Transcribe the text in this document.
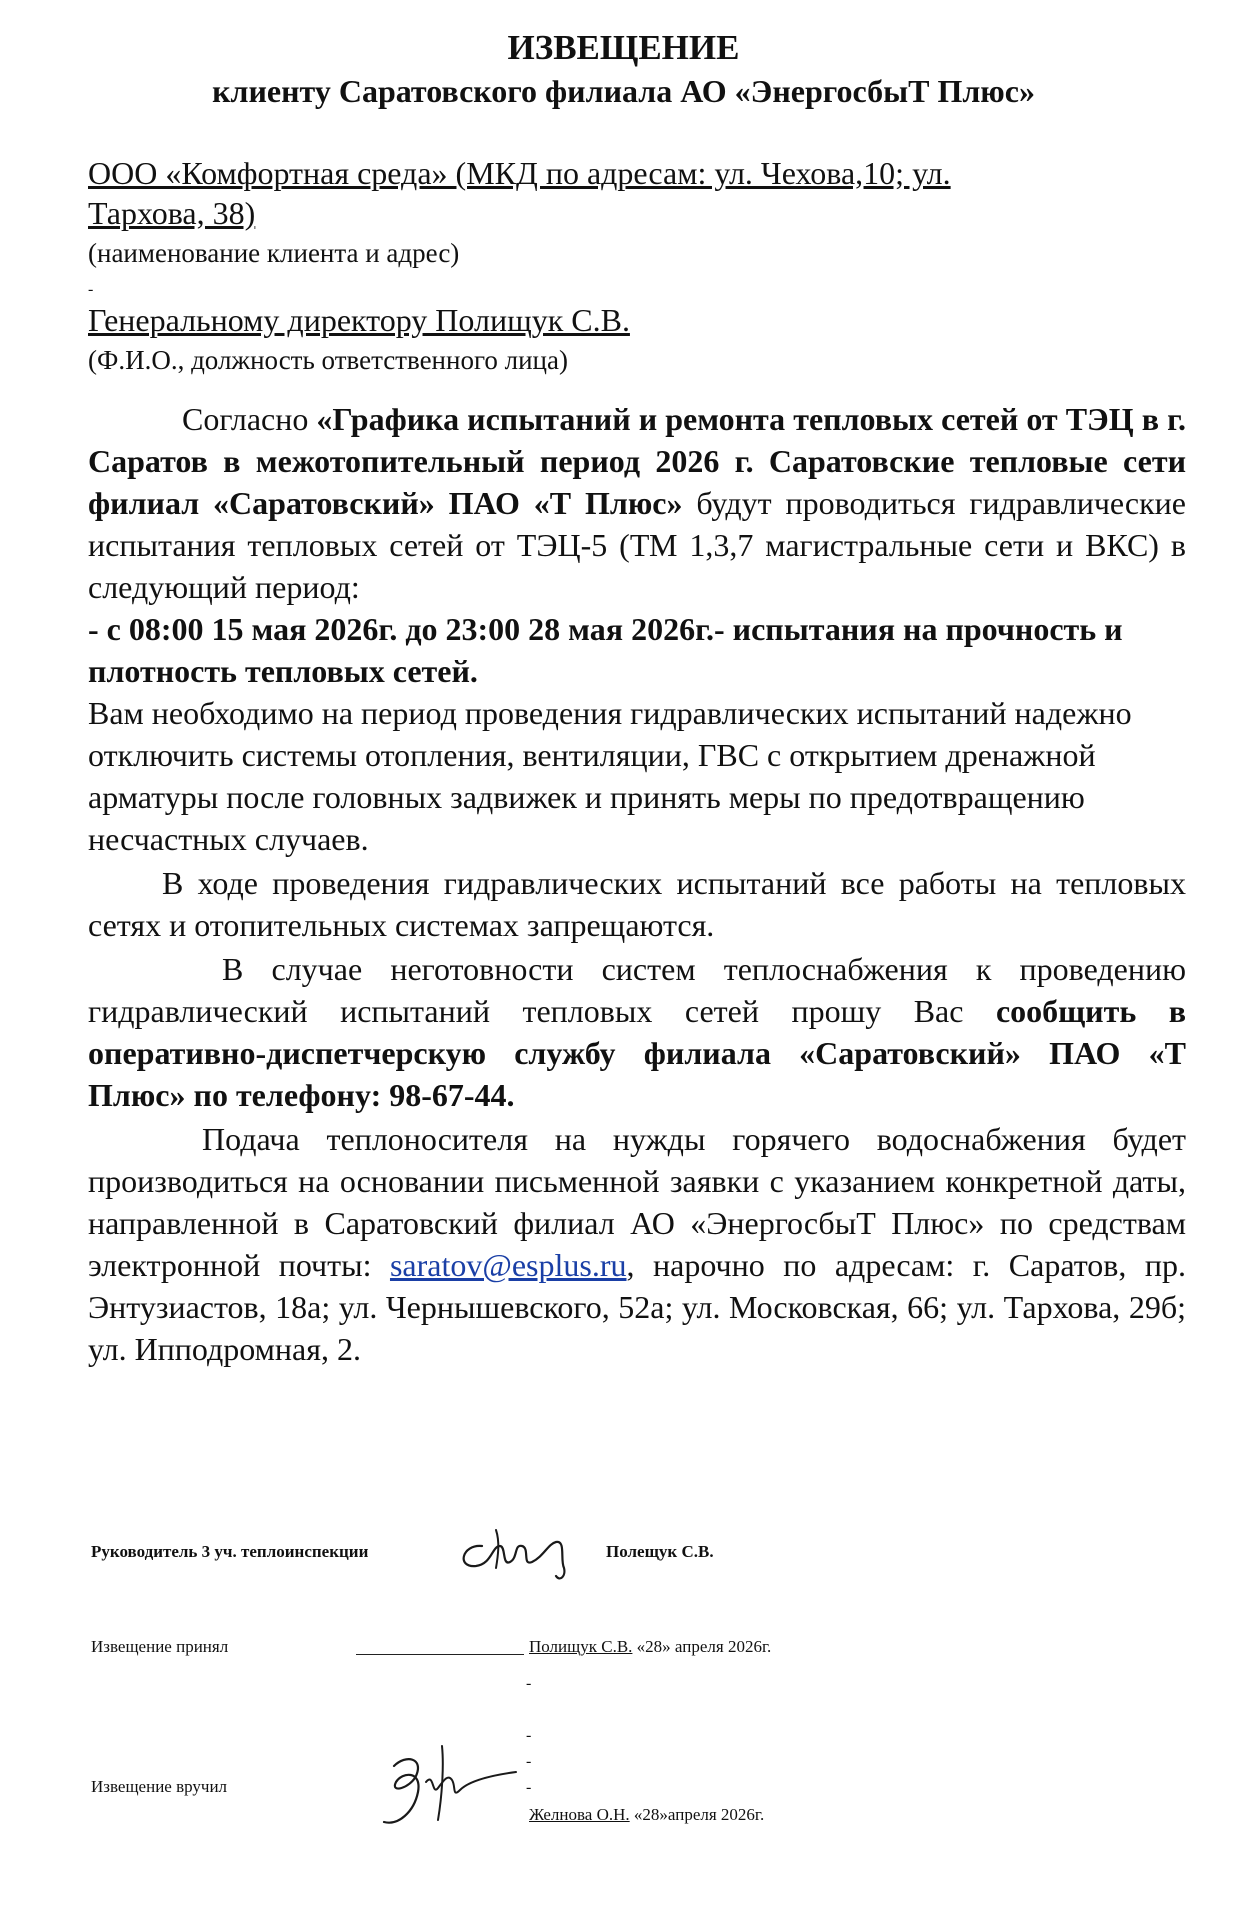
ИЗВЕЩЕНИЕ
клиенту Саратовского филиала АО «ЭнергосбыТ Плюс»
ООО «Комфортная среда» (МКД по адресам: ул. Чехова,10; ул.
Тархова, 38)
(наименование клиента и адрес)
-
Генеральному директору Полищук С.В.
(Ф.И.О., должность ответственного лица)

Согласно «Графика испытаний и ремонта тепловых сетей от ТЭЦ в г. Саратов в межотопительный период 2026 г. Саратовские тепловые сети филиал «Саратовский» ПАО «Т Плюс» будут проводиться гидравлические испытания тепловых сетей от ТЭЦ-5 (ТМ 1,3,7 магистральные сети и ВКС) в следующий период:

- с 08:00 15 мая 2026г. до 23:00 28 мая 2026г.- испытания на прочность и плотность тепловых сетей.

Вам необходимо на период проведения гидравлических испытаний надежно отключить системы отопления, вентиляции, ГВС с открытием дренажной арматуры после головных задвижек и принять меры по предотвращению несчастных случаев.

В ходе проведения гидравлических испытаний все работы на тепловых сетях и отопительных системах запрещаются.

В случае неготовности систем теплоснабжения к проведению гидравлический испытаний тепловых сетей прошу Вас сообщить в оперативно-диспетчерскую службу филиала «Саратовский» ПАО «Т Плюс» по телефону: 98-67-44.

Подача теплоносителя на нужды горячего водоснабжения будет производиться на основании письменной заявки с указанием конкретной даты, направленной в Саратовский филиал АО «ЭнергосбыТ Плюс» по средствам электронной почты: saratov@esplus.ru, нарочно по адресам: г. Саратов, пр. Энтузиастов, 18а; ул. Чернышевского, 52а; ул. Московская, 66; ул. Тархова, 29б; ул. Ипподромная, 2.

Руководитель 3 уч. теплоинспекции	Полещук С.В.
Извещение принял	Полищук С.В. «28» апреля 2026г.
-
-
-
-
Извещение вручил
Желнова О.Н. «28»апреля 2026г.
